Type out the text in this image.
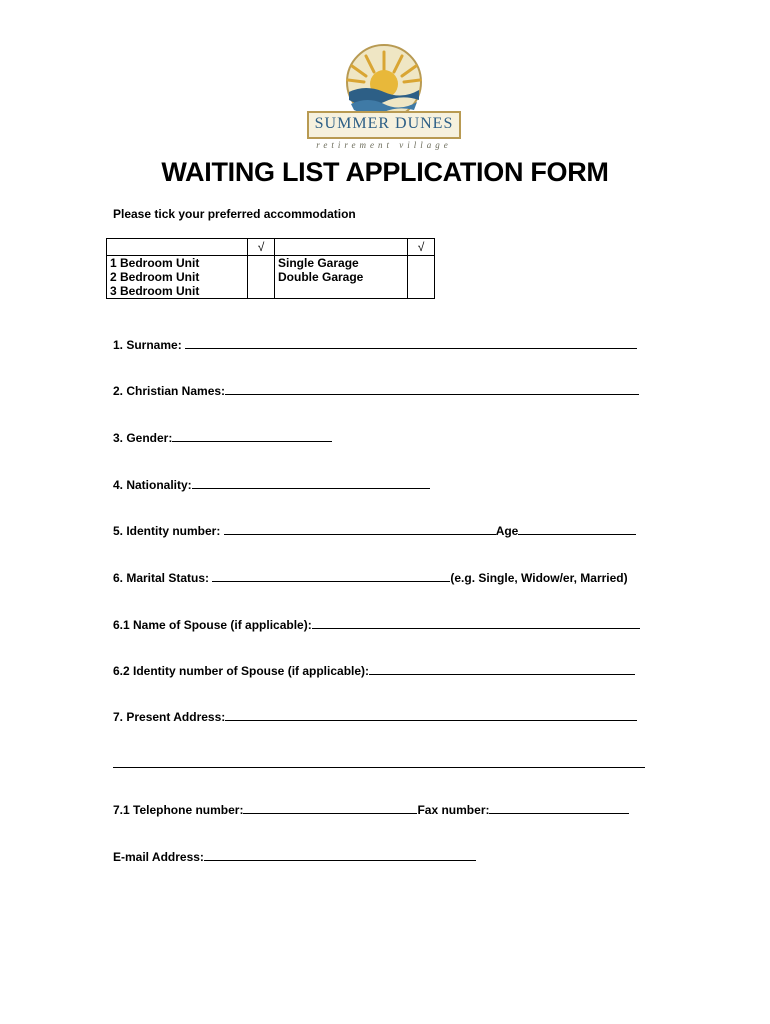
SUMMER DUNES
retirement village
WAITING LIST APPLICATION FORM
Please tick your preferred accommodation
	√		√
1 Bedroom Unit		Single Garage	
2 Bedroom Unit		Double Garage	
3 Bedroom Unit			
1. Surname:
2. Christian Names:
3. Gender:
4. Nationality:
5. Identity number:	Age
6. Marital Status:	(e.g. Single, Widow/er, Married)
6.1 Name of Spouse (if applicable):
6.2 Identity number of Spouse (if applicable):
7. Present Address:
7.1 Telephone number:	Fax number:
E-mail Address:
